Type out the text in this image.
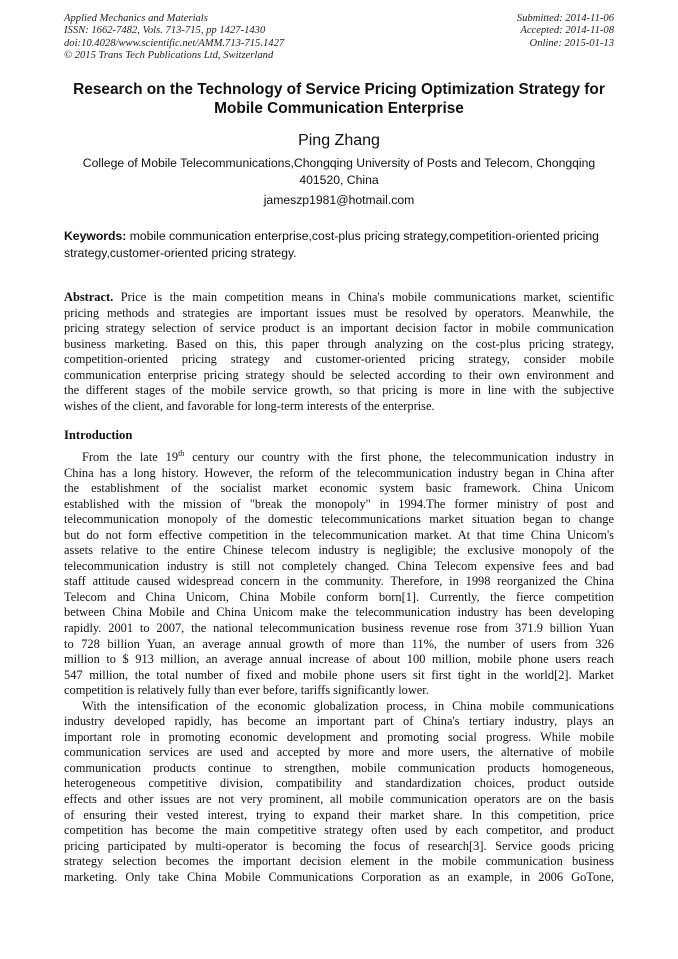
Applied Mechanics and Materials
ISSN: 1662-7482, Vols. 713-715, pp 1427-1430
doi:10.4028/www.scientific.net/AMM.713-715.1427
© 2015 Trans Tech Publications Ltd, Switzerland
Submitted: 2014-11-06
Accepted: 2014-11-08
Online: 2015-01-13
Research on the Technology of Service Pricing Optimization Strategy for
Mobile Communication Enterprise
Ping Zhang
College of Mobile Telecommunications,Chongqing University of Posts and Telecom, Chongqing
401520, China
jameszp1981@hotmail.com
Keywords: mobile communication enterprise,cost-plus pricing strategy,competition-oriented pricing
strategy,customer-oriented pricing strategy.
Abstract. Price is the main competition means in China's mobile communications market, scientific
pricing methods and strategies are important issues must be resolved by operators. Meanwhile, the
pricing strategy selection of service product is an important decision factor in mobile communication
business marketing. Based on this, this paper through analyzing on the cost-plus pricing strategy,
competition-oriented pricing strategy and customer-oriented pricing strategy, consider mobile
communication enterprise pricing strategy should be selected according to their own environment and
the different stages of the mobile service growth, so that pricing is more in line with the subjective
wishes of the client, and favorable for long-term interests of the enterprise.
Introduction
From the late 19th century our country with the first phone, the telecommunication industry in
China has a long history. However, the reform of the telecommunication industry began in China after
the establishment of the socialist market economic system basic framework. China Unicom
established with the mission of "break the monopoly" in 1994.The former ministry of post and
telecommunication monopoly of the domestic telecommunications market situation began to change
but do not form effective competition in the telecommunication market. At that time China Unicom's
assets relative to the entire Chinese telecom industry is negligible; the exclusive monopoly of the
telecommunication industry is still not completely changed. China Telecom expensive fees and bad
staff attitude caused widespread concern in the community. Therefore, in 1998 reorganized the China
Telecom and China Unicom, China Mobile conform born[1]. Currently, the fierce competition
between China Mobile and China Unicom make the telecommunication industry has been developing
rapidly. 2001 to 2007, the national telecommunication business revenue rose from 371.9 billion Yuan
to 728 billion Yuan, an average annual growth of more than 11%, the number of users from 326
million to $ 913 million, an average annual increase of about 100 million, mobile phone users reach
547 million, the total number of fixed and mobile phone users sit first tight in the world[2]. Market
competition is relatively fully than ever before, tariffs significantly lower.
With the intensification of the economic globalization process, in China mobile communications
industry developed rapidly, has become an important part of China's tertiary industry, plays an
important role in promoting economic development and promoting social progress. While mobile
communication services are used and accepted by more and more users, the alternative of mobile
communication products continue to strengthen, mobile communication products homogeneous,
heterogeneous competitive division, compatibility and standardization choices, product outside
effects and other issues are not very prominent, all mobile communication operators are on the basis
of ensuring their vested interest, trying to expand their market share. In this competition, price
competition has become the main competitive strategy often used by each competitor, and product
pricing participated by multi-operator is becoming the focus of research[3]. Service goods pricing
strategy selection becomes the important decision element in the mobile communication business
marketing. Only take China Mobile Communications Corporation as an example, in 2006 GoTone,
